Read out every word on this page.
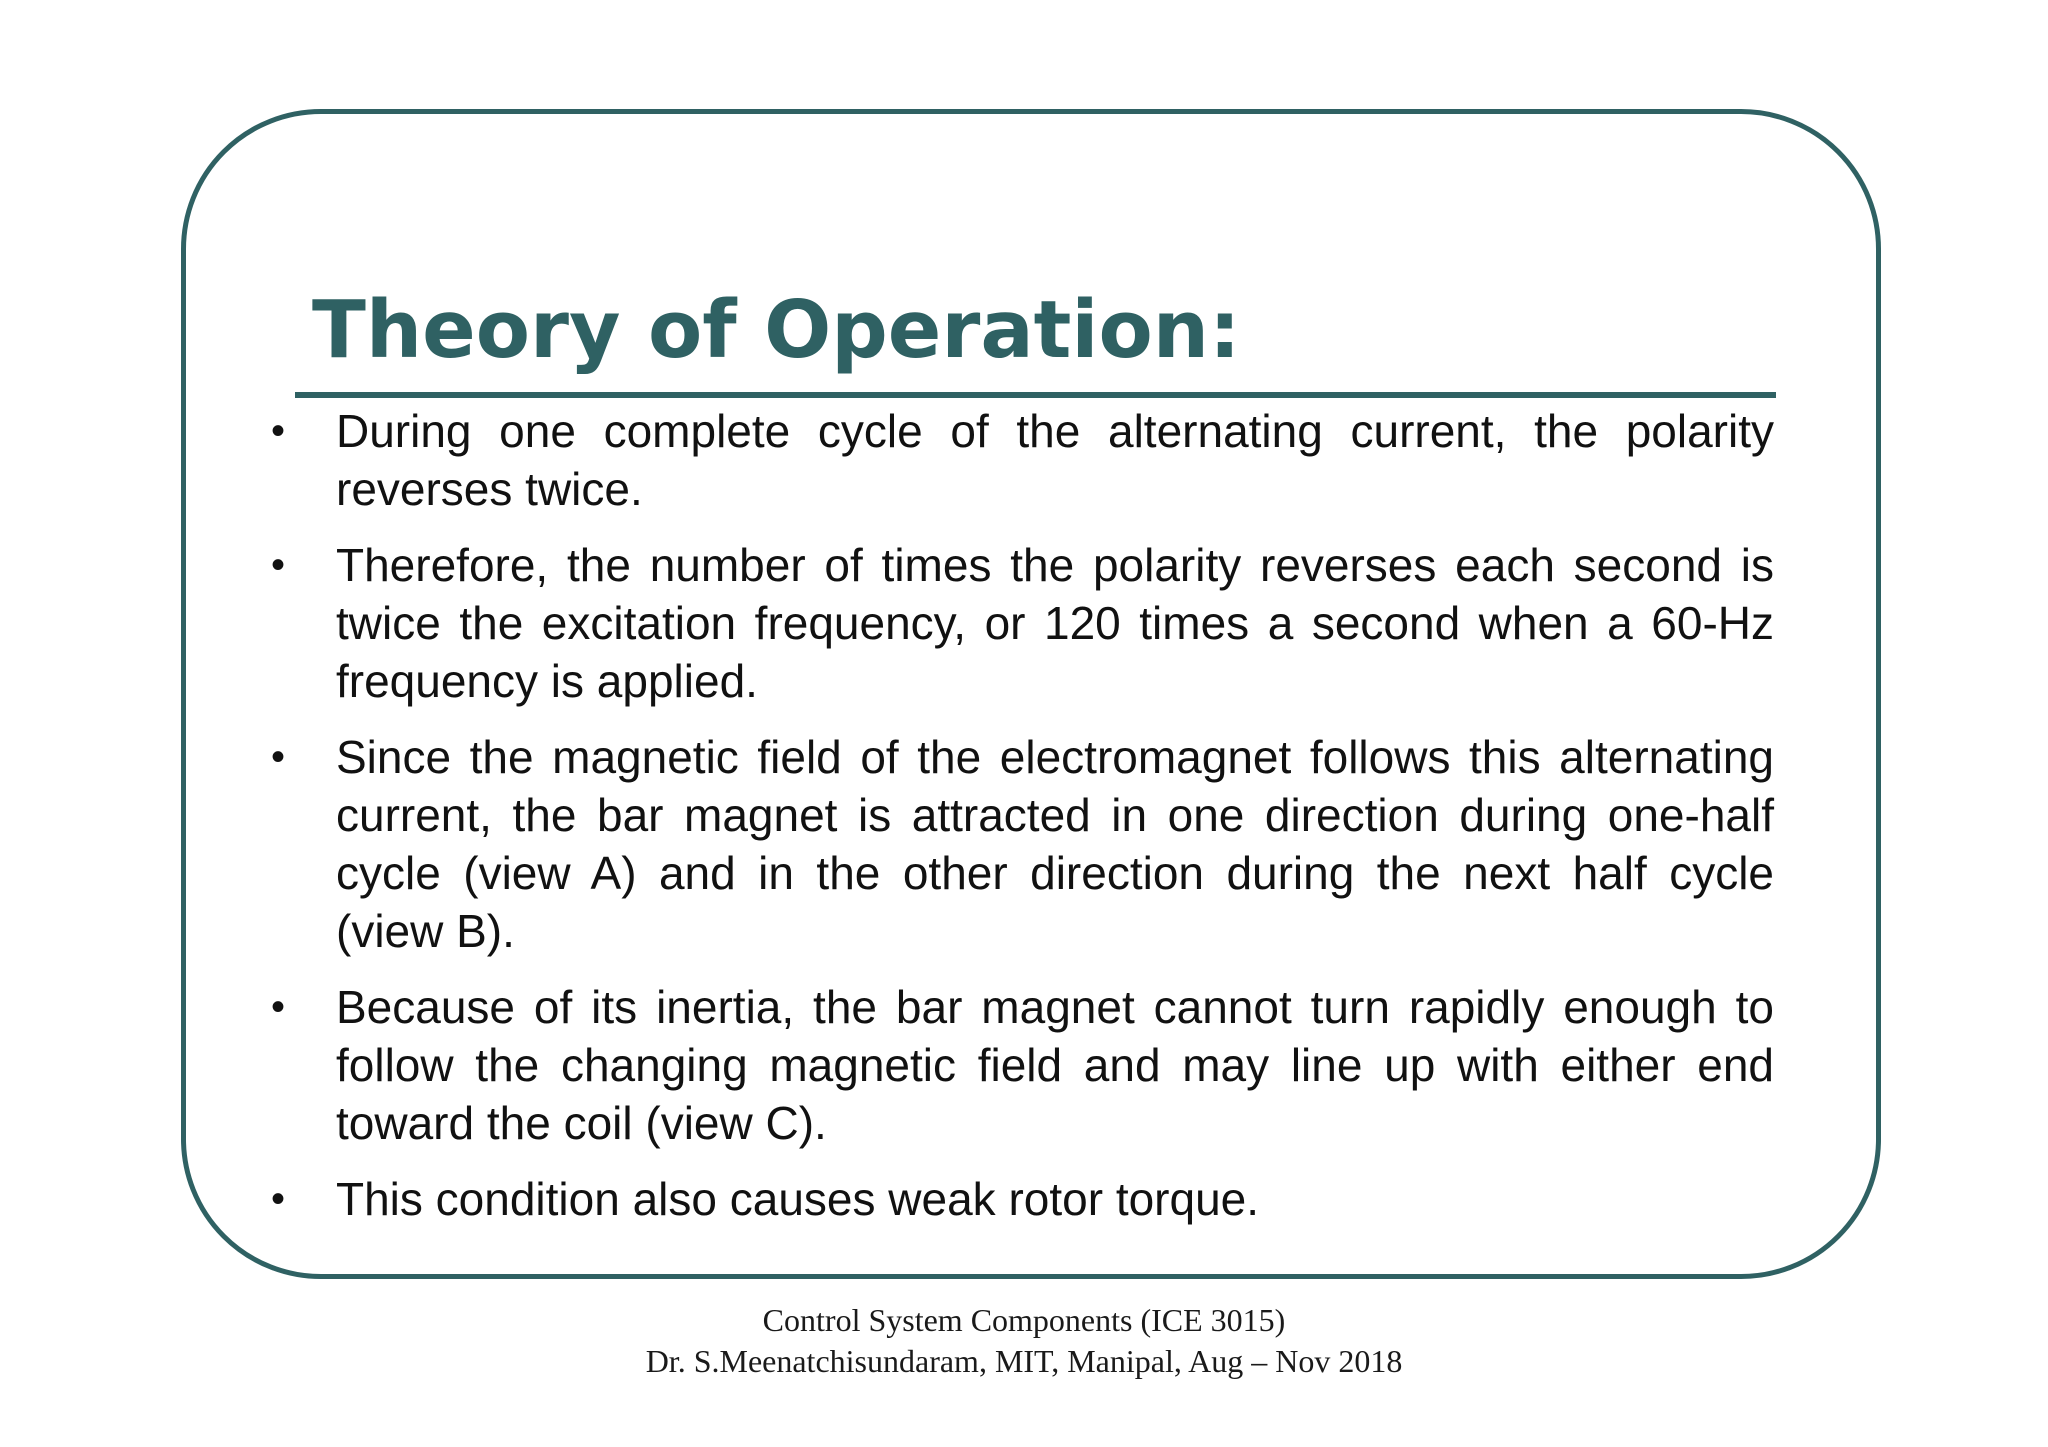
Theory of Operation:
• During one complete cycle of the alternating current, the polarity reverses twice.
• Therefore, the number of times the polarity reverses each second is twice the excitation frequency, or 120 times a second when a 60-Hz frequency is applied.
• Since the magnetic field of the electromagnet follows this alternating current, the bar magnet is attracted in one direction during one-half cycle (view A) and in the other direction during the next half cycle (view B).
• Because of its inertia, the bar magnet cannot turn rapidly enough to follow the changing magnetic field and may line up with either end toward the coil (view C).
• This condition also causes weak rotor torque.
Control System Components (ICE 3015)
Dr. S.Meenatchisundaram, MIT, Manipal, Aug – Nov 2018
